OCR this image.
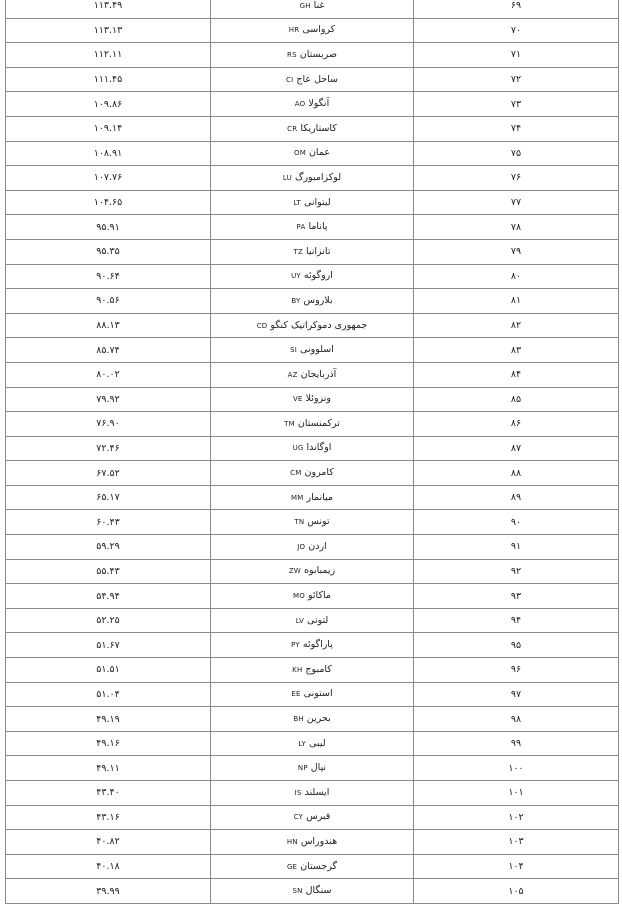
۱۱۳.۴۹	غناGH	۶۹
۱۱۳.۱۳	کرواسیHR	۷۰
۱۱۲.۱۱	صربستانRS	۷۱
۱۱۱.۴۵	ساحل عاجCI	۷۲
۱۰۹.۸۶	آنگولاAO	۷۳
۱۰۹.۱۴	کاستاریکاCR	۷۴
۱۰۸.۹۱	عمانOM	۷۵
۱۰۷.۷۶	لوکزامبورگLU	۷۶
۱۰۴.۶۵	لیتوانیLT	۷۷
۹۵.۹۱	پاناماPA	۷۸
۹۵.۳۵	تانزانیاTZ	۷۹
۹۰.۶۴	اروگوئهUY	۸۰
۹۰.۵۶	بلاروسBY	۸۱
۸۸.۱۳	جمهوری دموکراتیک کنگوCD	۸۲
۸۵.۷۴	اسلوونیSI	۸۳
۸۰.۰۲	آذربایجانAZ	۸۴
۷۹.۹۲	ونزوئلاVE	۸۵
۷۶.۹۰	ترکمنستانTM	۸۶
۷۲.۴۶	اوگانداUG	۸۷
۶۷.۵۲	کامرونCM	۸۸
۶۵.۱۷	میانمارMM	۸۹
۶۰.۴۳	تونسTN	۹۰
۵۹.۲۹	اردنJO	۹۱
۵۵.۴۳	زیمبابوهZW	۹۲
۵۴.۹۴	ماکائوMO	۹۳
۵۲.۲۵	لتونیLV	۹۴
۵۱.۶۷	پاراگوئهPY	۹۵
۵۱.۵۱	کامبوجKH	۹۶
۵۱.۰۴	استونیEE	۹۷
۴۹.۱۹	بحرینBH	۹۸
۴۹.۱۶	لیبیLY	۹۹
۴۹.۱۱	نپالNP	۱۰۰
۴۳.۴۰	ایسلندIS	۱۰۱
۴۳.۱۶	قبرسCY	۱۰۲
۴۰.۸۲	هندوراسHN	۱۰۳
۴۰.۱۸	گرجستانGE	۱۰۴
۳۹.۹۹	سنگالSN	۱۰۵
